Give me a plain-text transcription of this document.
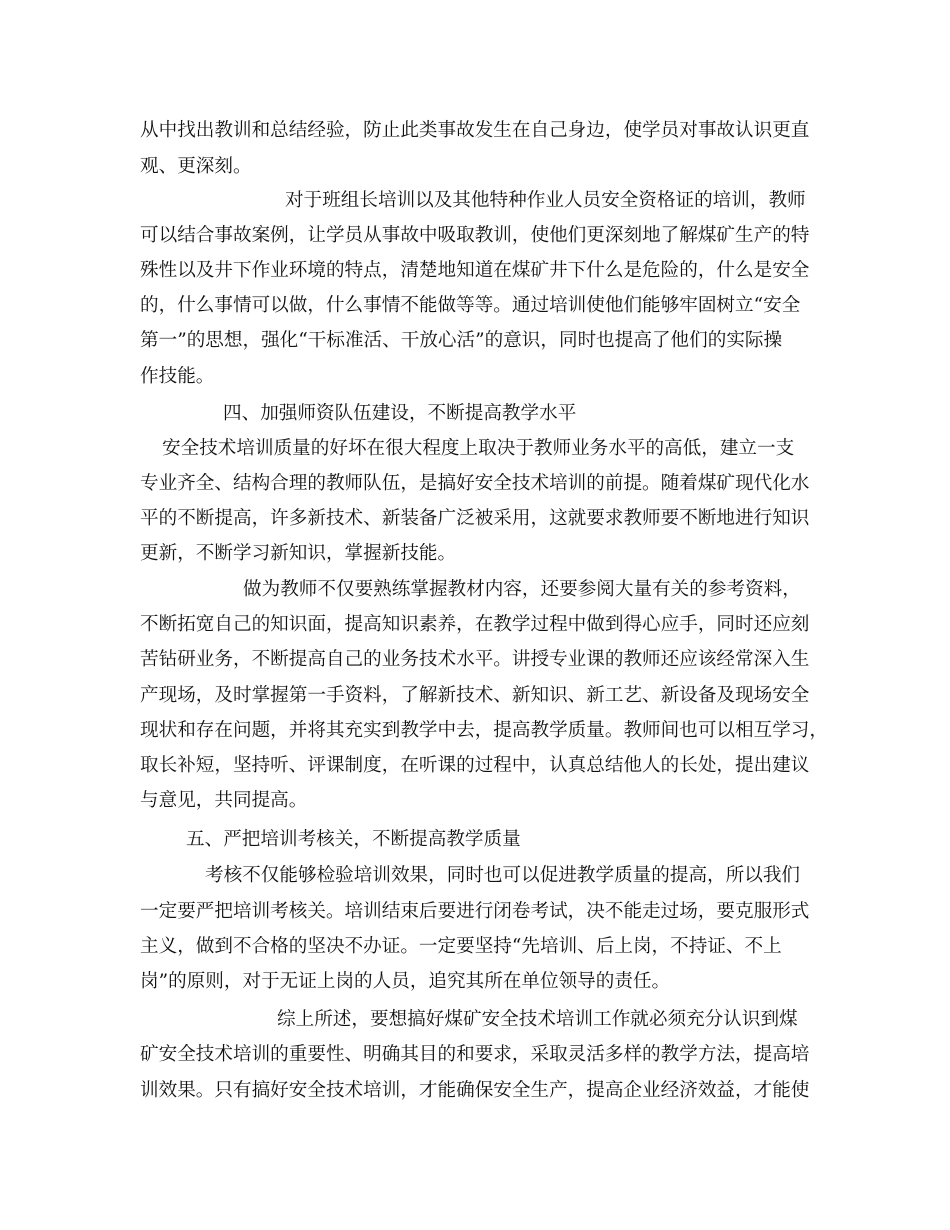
从中找出教训和总结经验，防止此类事故发生在自己身边，使学员对事故认识更直
观、更深刻。
对于班组长培训以及其他特种作业人员安全资格证的培训，教师
可以结合事故案例，让学员从事故中吸取教训，使他们更深刻地了解煤矿生产的特
殊性以及井下作业环境的特点，清楚地知道在煤矿井下什么是危险的，什么是安全
的，什么事情可以做，什么事情不能做等等。通过培训使他们能够牢固树立“安全
第一”的思想，强化“干标准活、干放心活”的意识，同时也提高了他们的实际操
作技能。
四、加强师资队伍建设，不断提高教学水平
安全技术培训质量的好坏在很大程度上取决于教师业务水平的高低，建立一支
专业齐全、结构合理的教师队伍，是搞好安全技术培训的前提。随着煤矿现代化水
平的不断提高，许多新技术、新装备广泛被采用，这就要求教师要不断地进行知识
更新，不断学习新知识，掌握新技能。
做为教师不仅要熟练掌握教材内容，还要参阅大量有关的参考资料，
不断拓宽自己的知识面，提高知识素养，在教学过程中做到得心应手，同时还应刻
苦钻研业务，不断提高自己的业务技术水平。讲授专业课的教师还应该经常深入生
产现场，及时掌握第一手资料，了解新技术、新知识、新工艺、新设备及现场安全
现状和存在问题，并将其充实到教学中去，提高教学质量。教师间也可以相互学习，
取长补短，坚持听、评课制度，在听课的过程中，认真总结他人的长处，提出建议
与意见，共同提高。
五、严把培训考核关，不断提高教学质量
考核不仅能够检验培训效果，同时也可以促进教学质量的提高，所以我们
一定要严把培训考核关。培训结束后要进行闭卷考试，决不能走过场，要克服形式
主义，做到不合格的坚决不办证。一定要坚持“先培训、后上岗，不持证、不上
岗”的原则，对于无证上岗的人员，追究其所在单位领导的责任。
综上所述，要想搞好煤矿安全技术培训工作就必须充分认识到煤
矿安全技术培训的重要性、明确其目的和要求，采取灵活多样的教学方法，提高培
训效果。只有搞好安全技术培训，才能确保安全生产，提高企业经济效益，才能使
